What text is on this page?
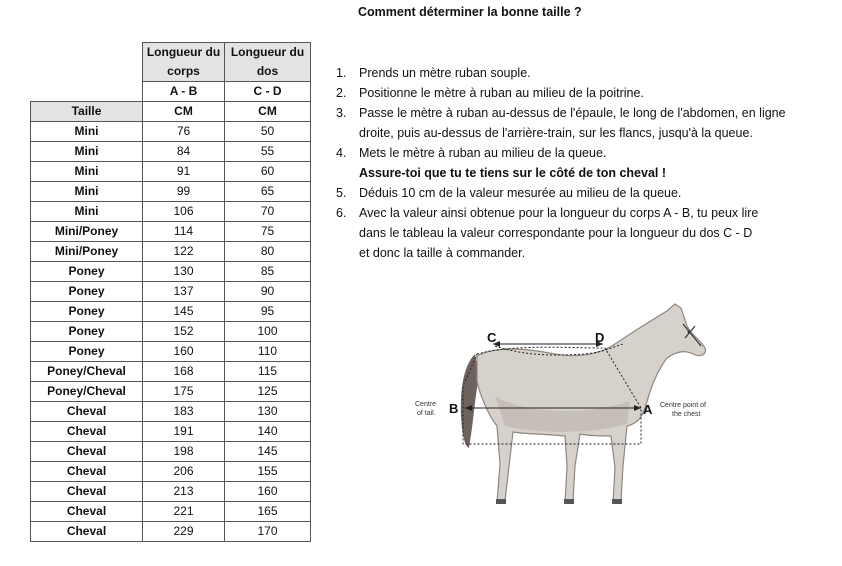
Comment déterminer la bonne taille ?
	Longueur du corps	Longueur du dos
	A - B	C - D
Taille	CM	CM
Mini	76	50
Mini	84	55
Mini	91	60
Mini	99	65
Mini	106	70
Mini/Poney	114	75
Mini/Poney	122	80
Poney	130	85
Poney	137	90
Poney	145	95
Poney	152	100
Poney	160	110
Poney/Cheval	168	115
Poney/Cheval	175	125
Cheval	183	130
Cheval	191	140
Cheval	198	145
Cheval	206	155
Cheval	213	160
Cheval	221	165
Cheval	229	170
1. Prends un mètre ruban souple.
2. Positionne le mètre à ruban au milieu de la poitrine.
3. Passe le mètre à ruban au-dessus de l'épaule, le long de l'abdomen, en ligne
droite, puis au-dessus de l'arrière-train, sur les flancs, jusqu'à la queue.
4. Mets le mètre à ruban au milieu de la queue.
Assure-toi que tu te tiens sur le côté de ton cheval !
5. Déduis 10 cm de la valeur mesurée au milieu de la queue.
6. Avec la valeur ainsi obtenue pour la longueur du corps A - B, tu peux lire
dans le tableau la valeur correspondante pour la longueur du dos C - D
et donc la taille à commander.
C	D
A
B
Centre
of tail.
Centre point of
the chest
